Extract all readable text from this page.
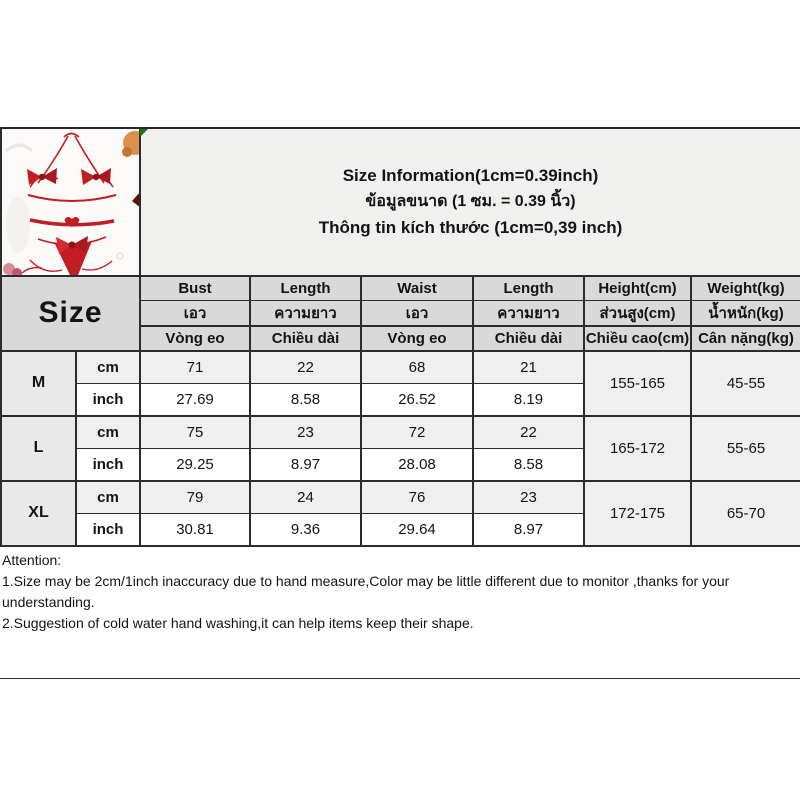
Size Information(1cm=0.39inch)
ข้อมูลขนาด (1 ซม. = 0.39 นิ้ว)
Thông tin kích thước (1cm=0,39 inch)					

Size		Bust	Length	Waist	Length	Height(cm)	Weight(kg)
		เอว	ความยาว	เอว	ความยาว	ส่วนสูง(cm)	น้ำหนัก(kg)
		Vòng eo	Chiều dài	Vòng eo	Chiều dài	Chiều cao(cm)	Cân nặng(kg)
M	cm	71	22	68	21	155-165	45-55
	inch	27.69	8.58	26.52	8.19		
L	cm	75	23	72	22	165-172	55-65
	inch	29.25	8.97	28.08	8.58		
XL	cm	79	24	76	23	172-175	65-70
	inch	30.81	9.36	29.64	8.97		

Attention:

1.Size may be 2cm/1inch inaccuracy due to hand measure,Color may be little different due to monitor ,thanks for your understanding.

2.Suggestion of cold water hand washing,it can help items keep their shape.
